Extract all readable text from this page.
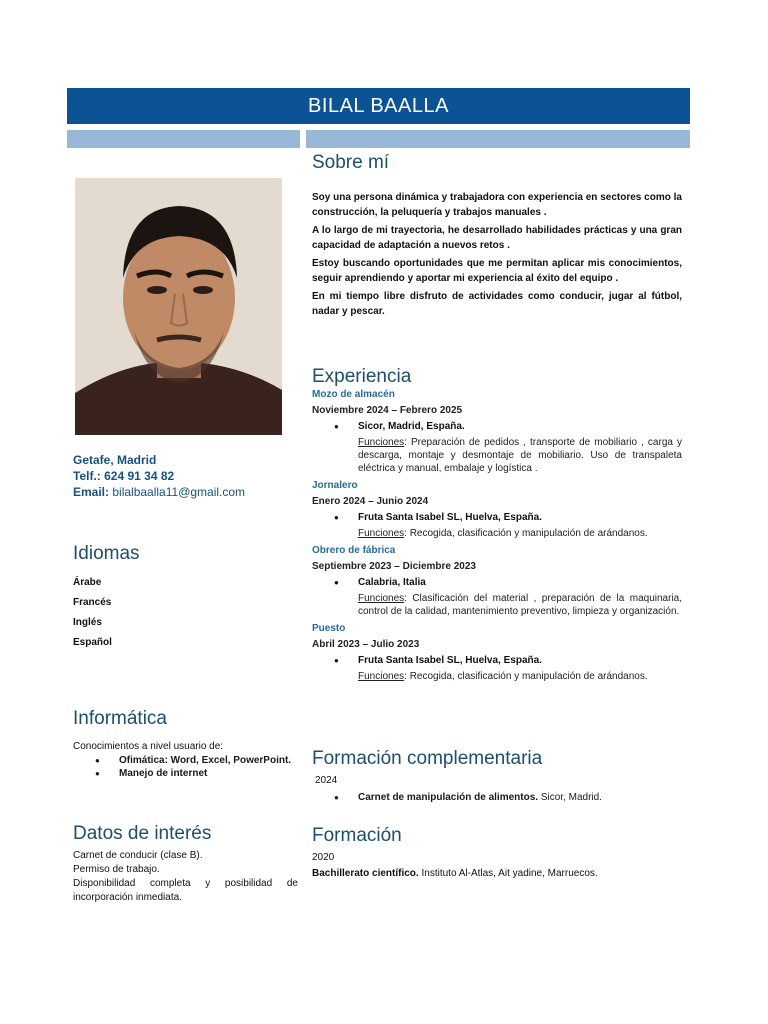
BILAL BAALLA
Getafe, Madrid
Telf.: 624 91 34 82
Email: bilalbaalla11@gmail.com
Idiomas
Árabe
Francés
Inglés
Español
Informática
Conocimientos a nivel usuario de:
● Ofimática: Word, Excel, PowerPoint.
● Manejo de internet
Datos de interés
Carnet de conducir (clase B).
Permiso de trabajo.
Disponibilidad completa y posibilidad de incorporación inmediata.
Sobre mí

Soy una persona dinámica y trabajadora con experiencia en sectores como la construcción, la peluquería y trabajos manuales .

A lo largo de mi trayectoria, he desarrollado habilidades prácticas y una gran capacidad de adaptación a nuevos retos .

Estoy buscando oportunidades que me permitan aplicar mis conocimientos, seguir aprendiendo y aportar mi experiencia al éxito del equipo .

En mi tiempo libre disfruto de actividades como conducir, jugar al fútbol, nadar y pescar.

Experiencia
Mozo de almacén
Noviembre 2024 – Febrero 2025
● Sicor, Madrid, España.
Funciones: Preparación de pedidos , transporte de mobiliario , carga y descarga, montaje y desmontaje de mobiliario. Uso de transpaleta eléctrica y manual, embalaje y logística .
Jornalero
Enero 2024 – Junio 2024
● Fruta Santa Isabel SL, Huelva, España.
Funciones: Recogida, clasificación y manipulación de arándanos.
Obrero de fábrica
Septiembre 2023 – Diciembre 2023
● Calabria, Italia
Funciones: Clasificación del material , preparación de la maquinaria, control de la calidad, mantenimiento preventivo, limpieza y organización.
Puesto
Abril 2023 – Julio 2023
● Fruta Santa Isabel SL, Huelva, España.
Funciones: Recogida, clasificación y manipulación de arándanos.
Formación complementaria
2024
● Carnet de manipulación de alimentos. Sicor, Madrid.
Formación
2020
Bachillerato científico. Instituto Al-Atlas, Ait yadine, Marruecos.
